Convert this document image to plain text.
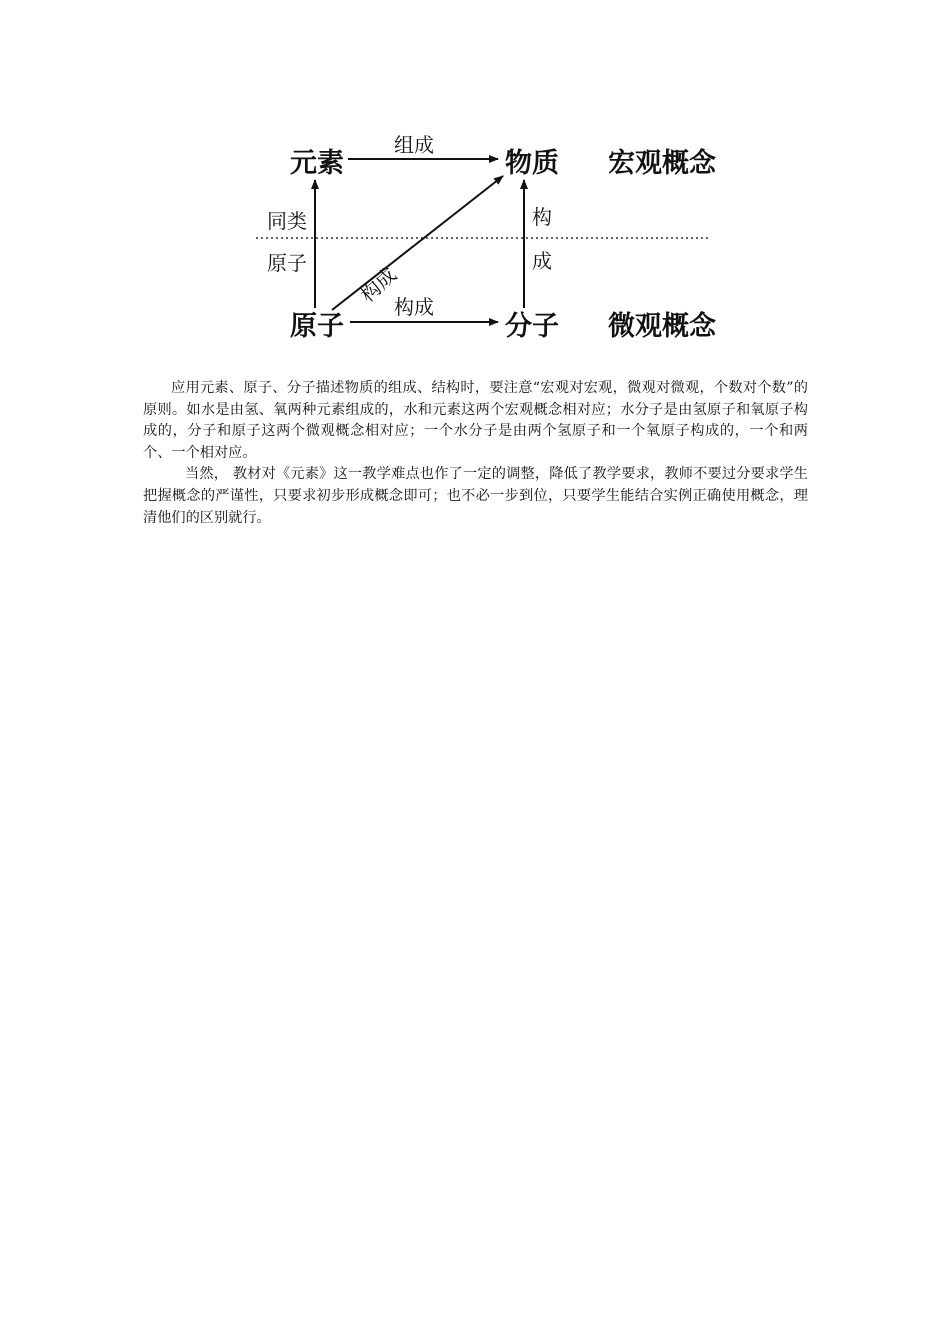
元素	物质
原子	分子
宏观概念
微观概念
组成
构成
同类
原子
构
成
构成

应用元素、原子、分子描述物质的组成、结构时，要注意“宏观对宏观，微观对微观，个数对个数”的原则。如水是由氢、氧两种元素组成的，水和元素这两个宏观概念相对应；水分子是由氢原子和氧原子构成的，分子和原子这两个微观概念相对应；一个水分子是由两个氢原子和一个氧原子构成的，一个和两个、一个相对应。

当然， 教材对《元素》这一教学难点也作了一定的调整，降低了教学要求，教师不要过分要求学生把握概念的严谨性，只要求初步形成概念即可；也不必一步到位，只要学生能结合实例正确使用概念，理清他们的区别就行。
